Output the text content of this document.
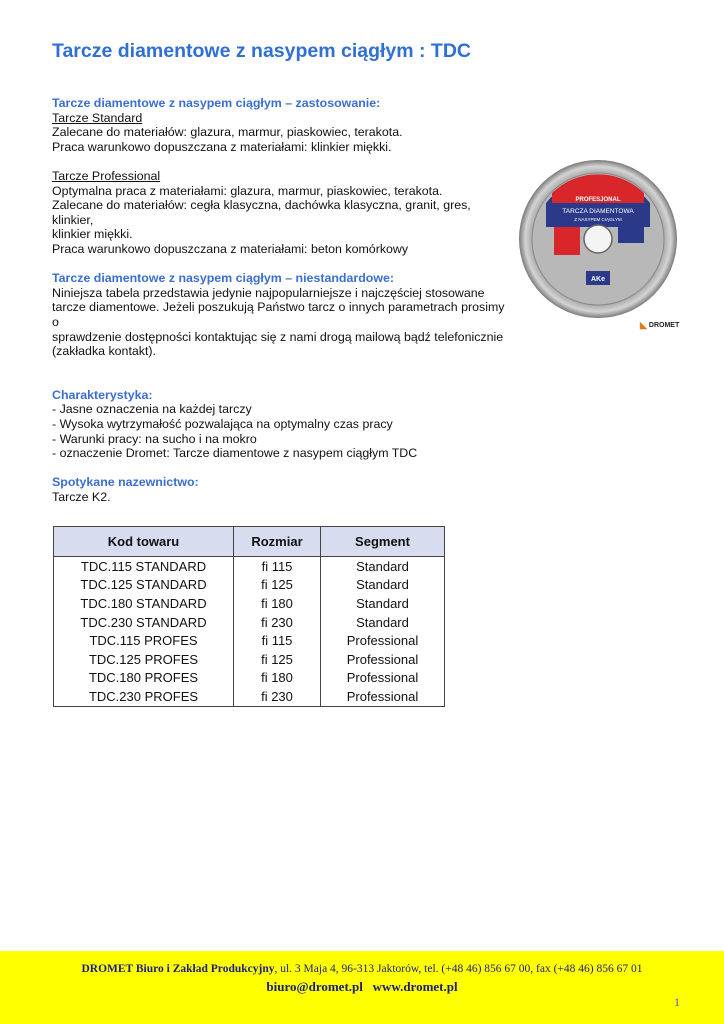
Tarcze diamentowe z nasypem ciągłym : TDC

Tarcze diamentowe z nasypem ciągłym – zastosowanie:

Tarcze Standard

Zalecane do materiałów: glazura, marmur, piaskowiec, terakota.

Praca warunkowo dopuszczana z materiałami: klinkier miękki.

Tarcze Professional

Optymalna praca z materiałami: glazura, marmur, piaskowiec, terakota.

Zalecane do materiałów: cegła klasyczna, dachówka klasyczna, granit, gres, klinkier,

klinkier miękki.

Praca warunkowo dopuszczana z materiałami: beton komórkowy

Tarcze diamentowe z nasypem ciągłym – niestandardowe:

Niniejsza tabela przedstawia jedynie najpopularniejsze i najczęściej stosowane

tarcze diamentowe. Jeżeli poszukują Państwo tarcz o innych parametrach prosimy o

sprawdzenie dostępności kontaktując się z nami drogą mailową bądź telefonicznie

(zakładka kontakt).

Charakterystyka:

- Jasne oznaczenia na każdej tarczy

- Wysoka wytrzymałość pozwalająca na optymalny czas pracy

- Warunki pracy: na sucho i na mokro

- oznaczenie Dromet: Tarcze diamentowe z nasypem ciągłym TDC

Spotykane nazewnictwo:

Tarcze K2.

PROFESJONAL
TARCZA DIAMENTOWA
Z NASYPEM CIĄGŁYM
AKe
◣ DROMET
Kod towaru	Rozmiar	Segment
TDC.115 STANDARD	fi 115	Standard
TDC.125 STANDARD	fi 125	Standard
TDC.180 STANDARD	fi 180	Standard
TDC.230 STANDARD	fi 230	Standard
TDC.115 PROFES	fi 115	Professional
TDC.125 PROFES	fi 125	Professional
TDC.180 PROFES	fi 180	Professional
TDC.230 PROFES	fi 230	Professional
DROMET Biuro i Zakład Produkcyjny, ul. 3 Maja 4, 96-313 Jaktorów, tel. (+48 46) 856 67 00, fax (+48 46) 856 67 01
biuro@dromet.pl www.dromet.pl
1
